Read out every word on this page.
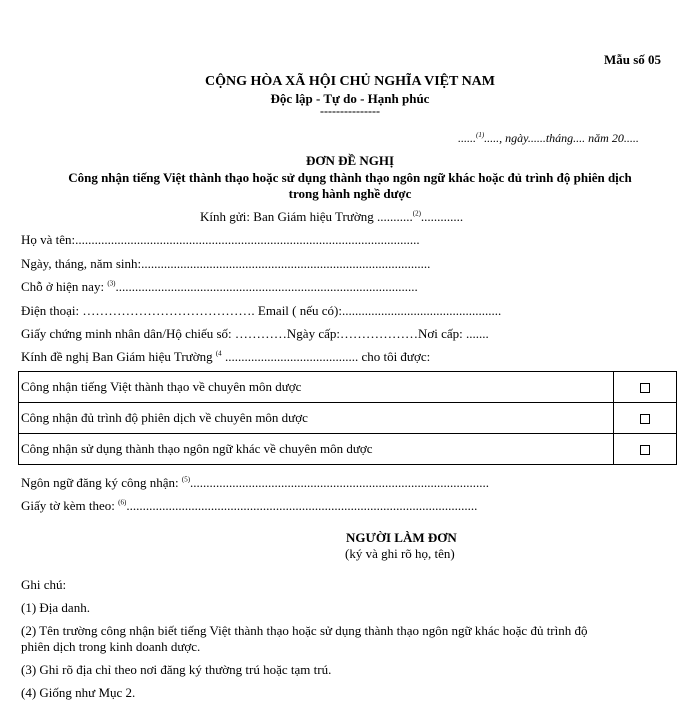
Mẫu số 05
CỘNG HÒA XÃ HỘI CHỦ NGHĨA VIỆT NAM
Độc lập - Tự do - Hạnh phúc
---------------
......$^{(1)}$....., ngày......tháng.... năm 20.....
ĐƠN ĐỀ NGHỊ
Công nhận tiếng Việt thành thạo hoặc sử dụng thành thạo ngôn ngữ khác hoặc đủ trình độ phiên dịch
trong hành nghề dược
Kính gửi: Ban Giám hiệu Trường ...........$^{(2)}$.............
Họ và tên:..........................................................................................................
Ngày, tháng, năm sinh:.........................................................................................
Chỗ ở hiện nay: $^{(3)}$.............................................................................................
Điện thoại: …………………………………. Email ( nếu có):.................................................
Giấy chứng minh nhân dân/Hộ chiếu số: …………Ngày cấp:………………Nơi cấp: .......
Kính đề nghị Ban Giám hiệu Trường $^{(4}$ ......................................... cho tôi được:
Công nhận tiếng Việt thành thạo về chuyên môn dược	
Công nhận đủ trình độ phiên dịch về chuyên môn dược	
Công nhận sử dụng thành thạo ngôn ngữ khác về chuyên môn dược	
Ngôn ngữ đăng ký công nhận: $^{(5)}$............................................................................................
Giấy tờ kèm theo: $^{(6)}$............................................................................................................
NGƯỜI LÀM ĐƠN
(ký và ghi rõ họ, tên)
Ghi chú:
(1) Địa danh.
(2) Tên trường công nhận biết tiếng Việt thành thạo hoặc sử dụng thành thạo ngôn ngữ khác hoặc đủ trình độ
phiên dịch trong kinh doanh dược.
(3) Ghi rõ địa chỉ theo nơi đăng ký thường trú hoặc tạm trú.
(4) Giống như Mục 2.
